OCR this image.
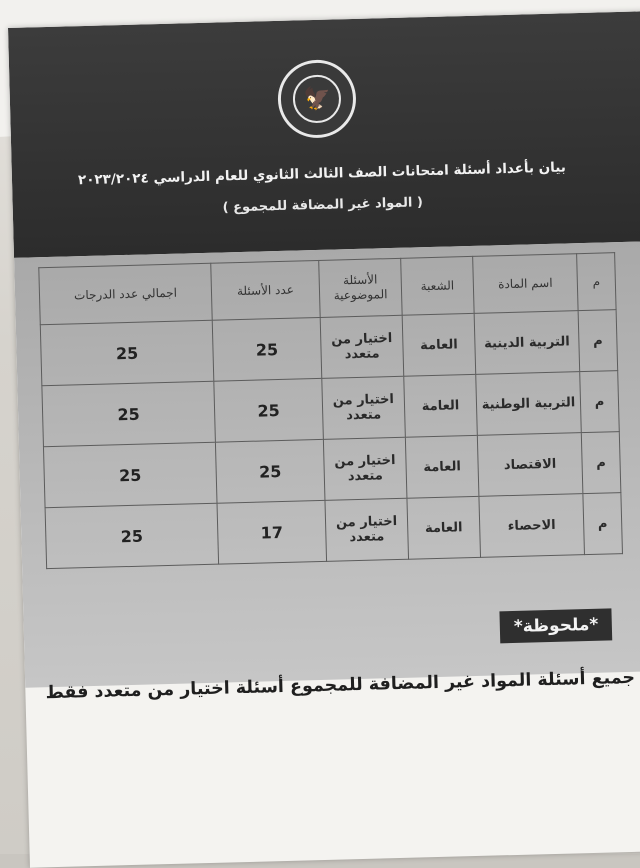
🦅
بيان بأعداد أسئلة امتحانات الصف الثالث الثانوي للعام الدراسي ٢٠٢٣/٢٠٢٤
( المواد غير المضافة للمجموع )
م	اسم المادة	الشعبة	الأسئلة الموضوعية	عدد الأسئلة	اجمالي عدد الدرجات
م	التربية الدينية	العامة	اختيار من متعدد	25	25
م	التربية الوطنية	العامة	اختيار من متعدد	25	25
م	الاقتصاد	العامة	اختيار من متعدد	25	25
م	الاحصاء	العامة	اختيار من متعدد	17	25
*ملحوظة*
جميع أسئلة المواد غير المضافة للمجموع أسئلة اختيار من متعدد فقط
